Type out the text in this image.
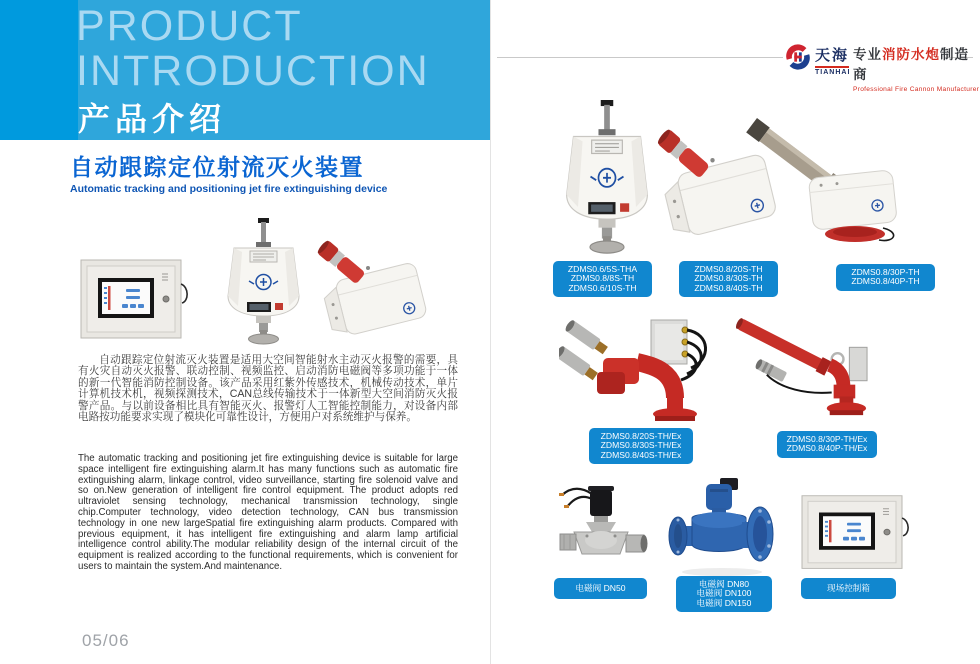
PRODUCT
INTRODUCTION
产品介绍
自动跟踪定位射流灭火装置
Automatic tracking and positioning jet fire extinguishing device

自动跟踪定位射流灭火装置是适用大空间智能射水主动灭火报警的需要，具有火灾自动灭火报警、联动控制、视频监控、启动消防电磁阀等多项功能于一体的新一代智能消防控制设备。该产品采用红紫外传感技术，机械传动技术，单片计算机技术机，视频探测技术，CAN总线传输技术于一体新型大空间消防灭火报警产品。与以前设备相比具有智能灭火、报警灯人工智能控制能力，对设备内部电路按功能要求实现了模块化可靠性设计，方便用户对系统维护与保养。

The automatic tracking and positioning jet fire extinguishing device is suitable for large space intelligent fire extinguishing alarm.It has many functions such as automatic fire extinguishing alarm, linkage control, video surveillance, starting fire solenoid valve and so on.New generation of intelligent fire control equipment. The product adopts red ultraviolet sensing technology, mechanical transmission technology, single chip.Computer technology, video detection technology, CAN bus transmission technology in one new largeSpatial fire extinguishing alarm products. Compared with previous equipment, it has intelligent fire extinguishing and alarm lamp artificial intelligence control ability.The modular reliability design of the internal circuit of the equipment is realized according to the functional requirements, which is convenient for users to maintain the system.And maintenance.

05/06
天海
TIANHAI
专业消防水炮制造商
Professional Fire Cannon Manufacturer
ZDMS0.6/5S-THA
ZDMS0.8/8S-TH
ZDMS0.6/10S-TH
ZDMS0.8/20S-TH
ZDMS0.8/30S-TH
ZDMS0.8/40S-TH
ZDMS0.8/30P-TH
ZDMS0.8/40P-TH
ZDMS0.8/20S-TH/Ex
ZDMS0.8/30S-TH/Ex
ZDMS0.8/40S-TH/Ex
ZDMS0.8/30P-TH/Ex
ZDMS0.8/40P-TH/Ex
电磁阀 DN50	电磁阀 DN80
电磁阀 DN100
电磁阀 DN150
现场控制箱
